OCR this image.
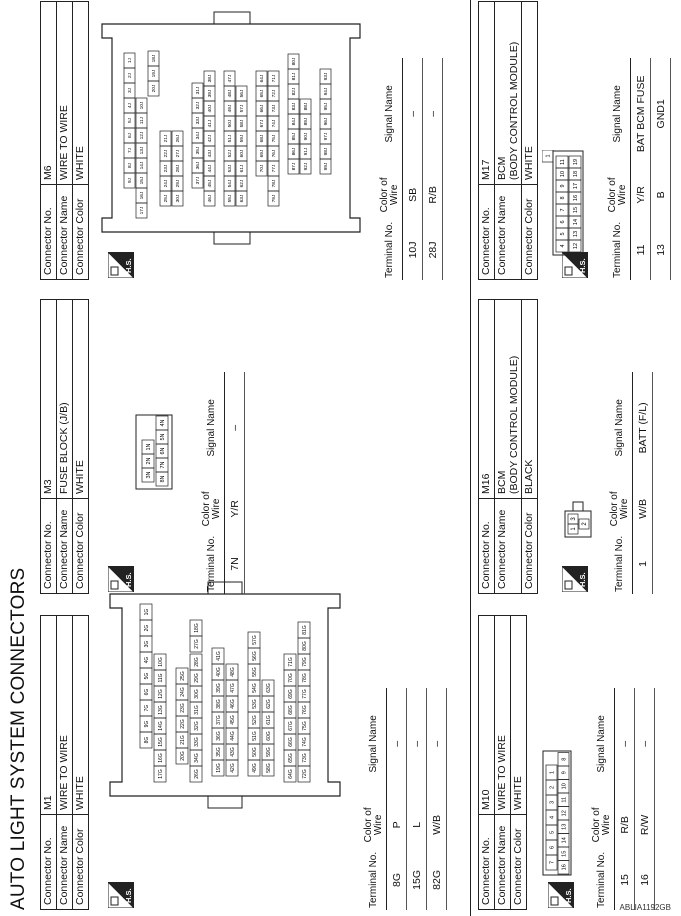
AUTO LIGHT SYSTEM CONNECTORS Connector No.	M1
Connector Name	WIRE TO WIRE
Connector Color	WHITE
H.S.
8G
9G
7G
6G
5G
4G
3G
2G
1G
17G
16G
15G
14G
13G
12G
11G
10G
20G
21G
22G
23G
24G
25G
26G
34G
33G
32G
31G
30G
29G
28G
27G
18G
19G
35G
36G
37G
38G
39G
40G
41G
42G
43G
44G
45G
46G
47G
48G
49G
50G
51G
52G
53G
54G
55G
56G
57G
58G
59G
60G
61G
62G
63G
64G
65G
66G
67G
68G
69G
70G
71G
72G
73G
74G
75G
76G
77G
78G
79G
80G
81G
Terminal No.	Color of
Wire	Signal Name
8G	P	–
15G	L	–
82G	W/B	–
Connector No.	M3
Connector Name	FUSE BLOCK (J/B)
Connector Color	WHITE
H.S.
3N
2N
1N
8N
7N
6N
5N
4N
Terminal No.	Color of
Wire	Signal Name
7N	Y/R	–
Connector No.	M6
Connector Name	WIRE TO WIRE
Connector Color	WHITE
H.S.
9J
8J
7J
6J
5J
4J
3J
2J
1J
17J
16J
15J
14J
13J
12J
11J
10J
20J
19J
18J
25J
24J
23J
22J
21J
30J
29J
28J
27J
26J
37J
36J
35J
34J
33J
32J
31J
46J
45J
44J
43J
42J
41J
40J
39J
38J
55J
54J
53J
52J
51J
50J
49J
48J
47J
63J
62J
61J
60J
59J
58J
57J
56J
70J
69J
68J
67J
66J
65J
64J
79J
78J
77J
76J
75J
74J
73J
72J
71J
87J
86J
85J
84J
83J
82J
81J
80J
92J
91J
90J
89J
88J
99J
98J
97J
96J
95J
94J
93J
Terminal No.	Color of
Wire	Signal Name
10J	SB	–
28J	R/B	–
Connector No.	M10
Connector Name	WIRE TO WIRE
Connector Color	WHITE
H.S.
7
6
5
4
3
2
1
16
15
14
13
12
11
10
9
8
Terminal No.	Color of
Wire	Signal Name
15	R/B	–
16	R/W	–
Connector No.	M16
Connector Name	BCM
(BODY CONTROL MODULE)
Connector Color	BLACK
H.S.
1
3
2
Terminal No.	Color of
Wire	Signal Name
1	W/B	BATT (F/L)
Connector No.	M17
Connector Name	BCM
(BODY CONTROL MODULE)
Connector Color	WHITE
H.S.
4
5
6
7
8
9
10
11
12
13
14
15
16
17
18
19
1
Terminal No.	Color of
Wire	Signal Name
11	Y/R	BAT BCM FUSE
13	B	GND1
ABLIA1192GB
